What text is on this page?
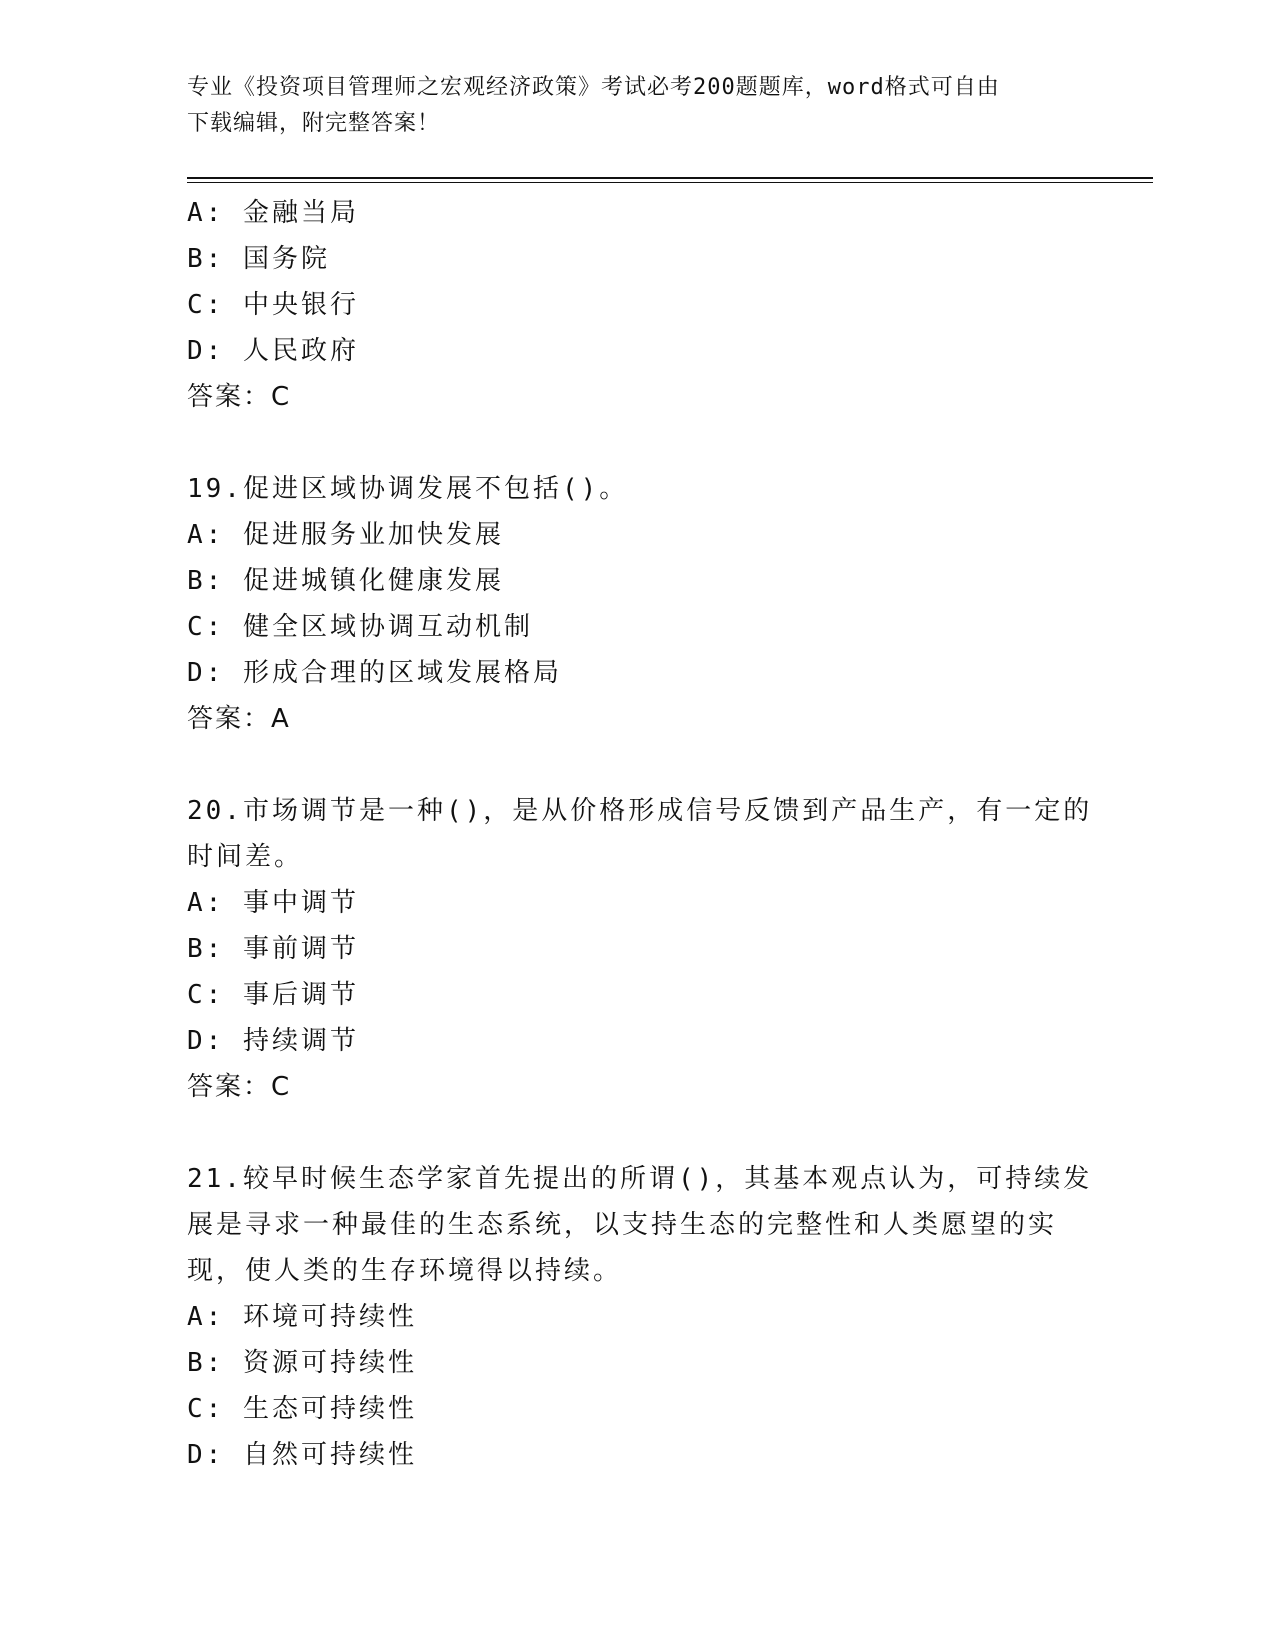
专业《投资项目管理师之宏观经济政策》考试必考200题题库，word格式可自由
下载编辑，附完整答案！
A: 金融当局
B: 国务院
C: 中央银行
D: 人民政府
答案：C
19.促进区域协调发展不包括()。
A: 促进服务业加快发展
B: 促进城镇化健康发展
C: 健全区域协调互动机制
D: 形成合理的区域发展格局
答案：A
20.市场调节是一种()，是从价格形成信号反馈到产品生产，有一定的
时间差。
A: 事中调节
B: 事前调节
C: 事后调节
D: 持续调节
答案：C
21.较早时候生态学家首先提出的所谓()，其基本观点认为，可持续发
展是寻求一种最佳的生态系统，以支持生态的完整性和人类愿望的实
现，使人类的生存环境得以持续。
A: 环境可持续性
B: 资源可持续性
C: 生态可持续性
D: 自然可持续性
